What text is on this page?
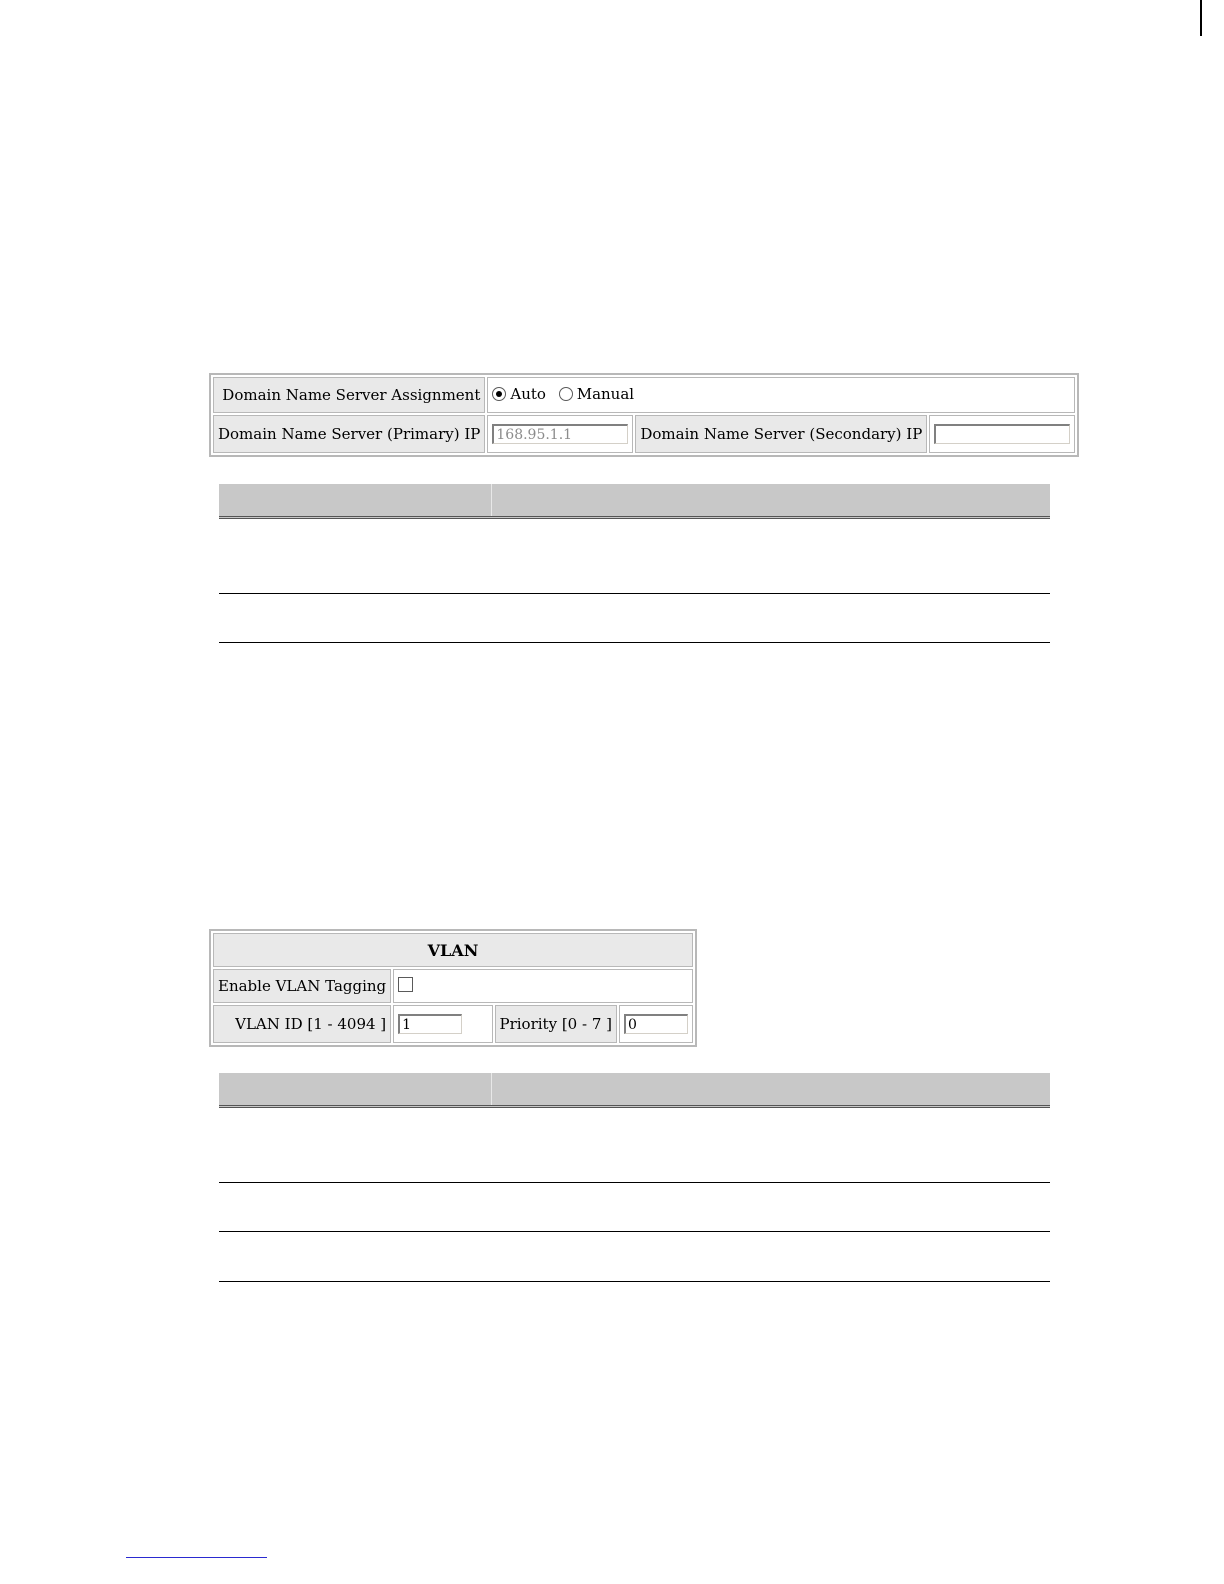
Domain Name Server Assignment	Auto
Manual		

Domain Name Server (Primary) IP	168.95.1.1	Domain Name Server (Secondary) IP	
VLAN			
Enable VLAN Tagging			
VLAN ID [1 - 4094 ]	1	Priority [0 - 7 ]	0
